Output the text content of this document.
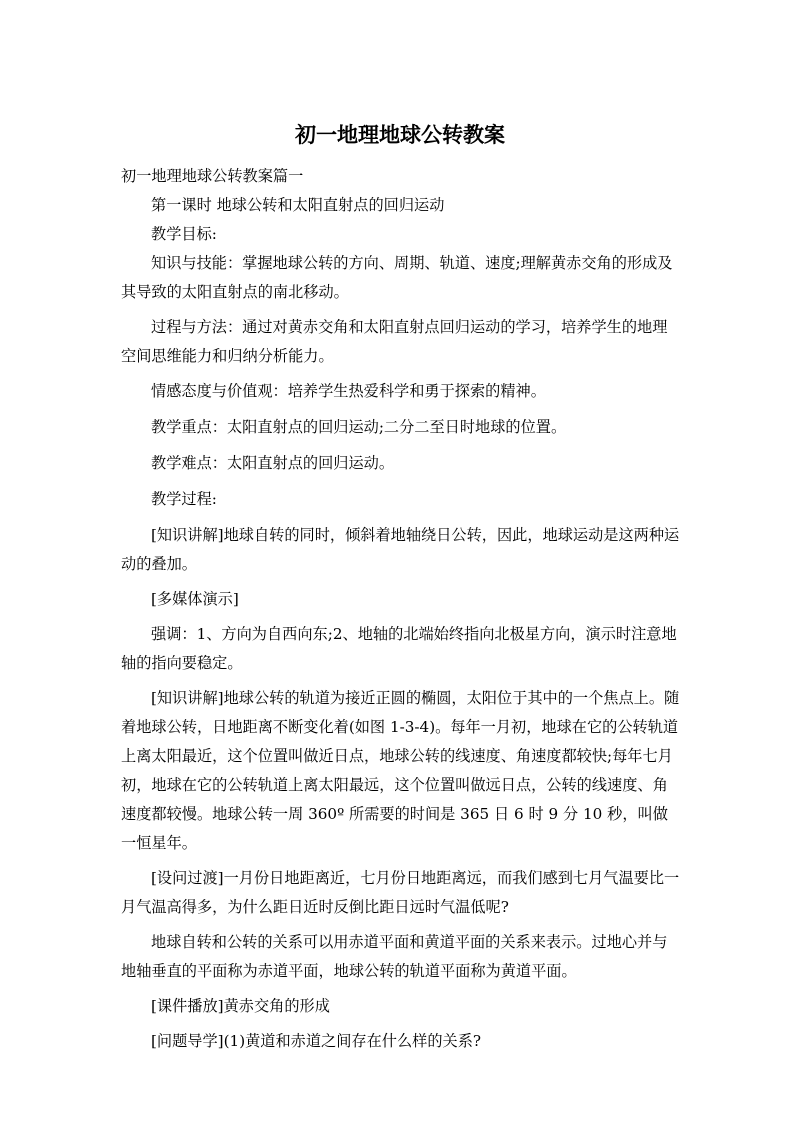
初一地理地球公转教案

初一地理地球公转教案篇一

第一课时 地球公转和太阳直射点的回归运动

教学目标:

知识与技能：掌握地球公转的方向、周期、轨道、速度;理解黄赤交角的形成及其导致的太阳直射点的南北移动。

过程与方法：通过对黄赤交角和太阳直射点回归运动的学习，培养学生的地理空间思维能力和归纳分析能力。

情感态度与价值观：培养学生热爱科学和勇于探索的精神。

教学重点：太阳直射点的回归运动;二分二至日时地球的位置。

教学难点：太阳直射点的回归运动。

教学过程:

[知识讲解]地球自转的同时，倾斜着地轴绕日公转，因此，地球运动是这两种运动的叠加。

[多媒体演示]

强调：1、方向为自西向东;2、地轴的北端始终指向北极星方向，演示时注意地轴的指向要稳定。

[知识讲解]地球公转的轨道为接近正圆的椭圆，太阳位于其中的一个焦点上。随着地球公转，日地距离不断变化着(如图 1-3-4)。每年一月初，地球在它的公转轨道上离太阳最近，这个位置叫做近日点，地球公转的线速度、角速度都较快;每年七月初，地球在它的公转轨道上离太阳最远，这个位置叫做远日点，公转的线速度、角速度都较慢。地球公转一周 360º 所需要的时间是 365 日 6 时 9 分 10 秒，叫做一恒星年。

[设问过渡]一月份日地距离近，七月份日地距离远，而我们感到七月气温要比一月气温高得多，为什么距日近时反倒比距日远时气温低呢?

地球自转和公转的关系可以用赤道平面和黄道平面的关系来表示。过地心并与地轴垂直的平面称为赤道平面，地球公转的轨道平面称为黄道平面。

[课件播放]黄赤交角的形成

[问题导学](1)黄道和赤道之间存在什么样的关系?
